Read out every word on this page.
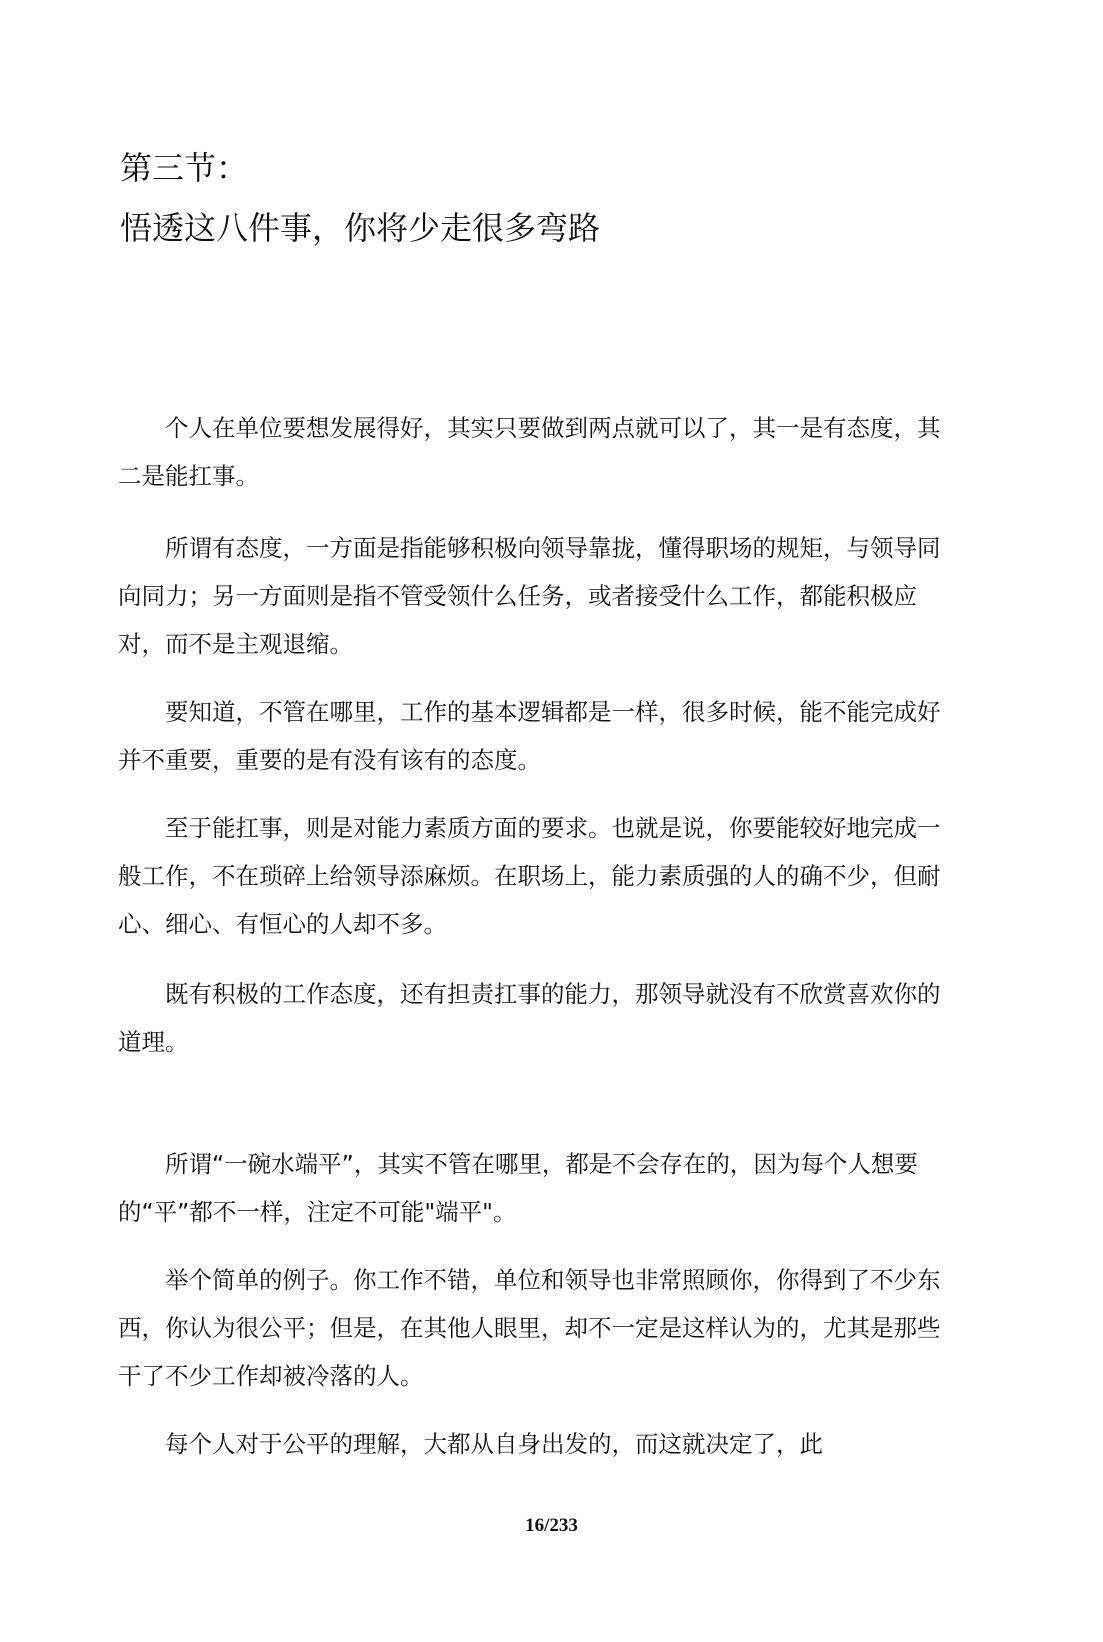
第三节：
悟透这八件事，你将少走很多弯路

个人在单位要想发展得好，其实只要做到两点就可以了，其一是有态度，其二是能扛事。

所谓有态度，一方面是指能够积极向领导靠拢，懂得职场的规矩，与领导同向同力；另一方面则是指不管受领什么任务，或者接受什么工作，都能积极应对，而不是主观退缩。

要知道，不管在哪里，工作的基本逻辑都是一样，很多时候，能不能完成好并不重要，重要的是有没有该有的态度。

至于能扛事，则是对能力素质方面的要求。也就是说，你要能较好地完成一般工作，不在琐碎上给领导添麻烦。在职场上，能力素质强的人的确不少，但耐心、细心、有恒心的人却不多。

既有积极的工作态度，还有担责扛事的能力，那领导就没有不欣赏喜欢你的道理。

所谓“一碗水端平”，其实不管在哪里，都是不会存在的，因为每个人想要的“平”都不一样，注定不可能"端平"。

举个简单的例子。你工作不错，单位和领导也非常照顾你，你得到了不少东西，你认为很公平；但是，在其他人眼里，却不一定是这样认为的，尤其是那些干了不少工作却被冷落的人。

每个人对于公平的理解，大都从自身出发的，而这就决定了，此

16/233
